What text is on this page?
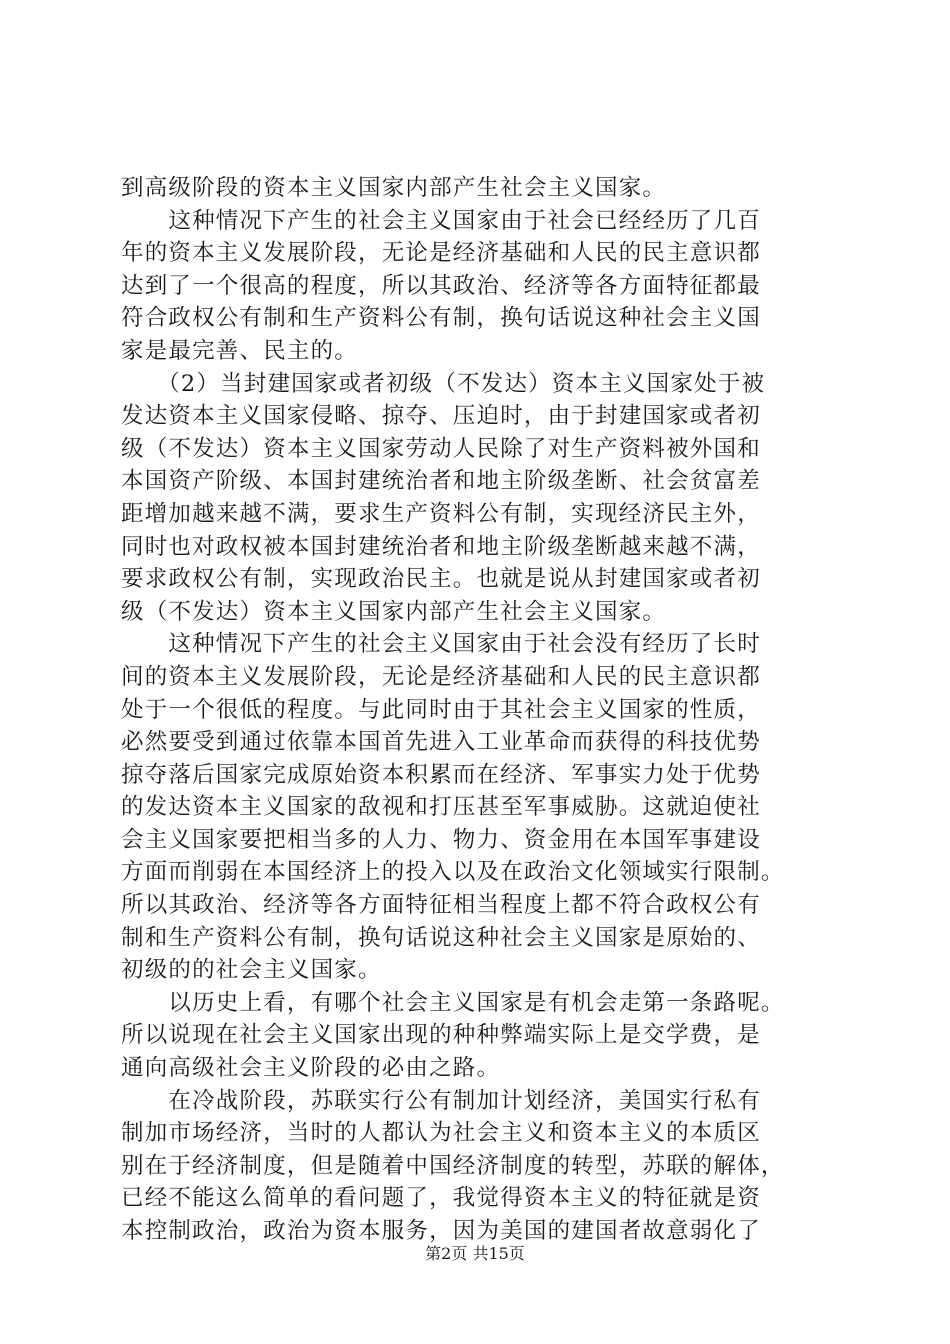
到高级阶段的资本主义国家内部产生社会主义国家。
　　这种情况下产生的社会主义国家由于社会已经经历了几百
年的资本主义发展阶段，无论是经济基础和人民的民主意识都
达到了一个很高的程度，所以其政治、经济等各方面特征都最
符合政权公有制和生产资料公有制，换句话说这种社会主义国
家是最完善、民主的。
　　（2）当封建国家或者初级（不发达）资本主义国家处于被
发达资本主义国家侵略、掠夺、压迫时，由于封建国家或者初
级（不发达）资本主义国家劳动人民除了对生产资料被外国和
本国资产阶级、本国封建统治者和地主阶级垄断、社会贫富差
距增加越来越不满，要求生产资料公有制，实现经济民主外，
同时也对政权被本国封建统治者和地主阶级垄断越来越不满，
要求政权公有制，实现政治民主。也就是说从封建国家或者初
级（不发达）资本主义国家内部产生社会主义国家。
　　这种情况下产生的社会主义国家由于社会没有经历了长时
间的资本主义发展阶段，无论是经济基础和人民的民主意识都
处于一个很低的程度。与此同时由于其社会主义国家的性质，
必然要受到通过依靠本国首先进入工业革命而获得的科技优势
掠夺落后国家完成原始资本积累而在经济、军事实力处于优势
的发达资本主义国家的敌视和打压甚至军事威胁。这就迫使社
会主义国家要把相当多的人力、物力、资金用在本国军事建设
方面而削弱在本国经济上的投入以及在政治文化领域实行限制。
所以其政治、经济等各方面特征相当程度上都不符合政权公有
制和生产资料公有制，换句话说这种社会主义国家是原始的、
初级的的社会主义国家。
　　以历史上看，有哪个社会主义国家是有机会走第一条路呢。
所以说现在社会主义国家出现的种种弊端实际上是交学费，是
通向高级社会主义阶段的必由之路。
　　在冷战阶段，苏联实行公有制加计划经济，美国实行私有
制加市场经济，当时的人都认为社会主义和资本主义的本质区
别在于经济制度，但是随着中国经济制度的转型，苏联的解体，
已经不能这么简单的看问题了，我觉得资本主义的特征就是资
本控制政治，政治为资本服务，因为美国的建国者故意弱化了
第2页 共15页
